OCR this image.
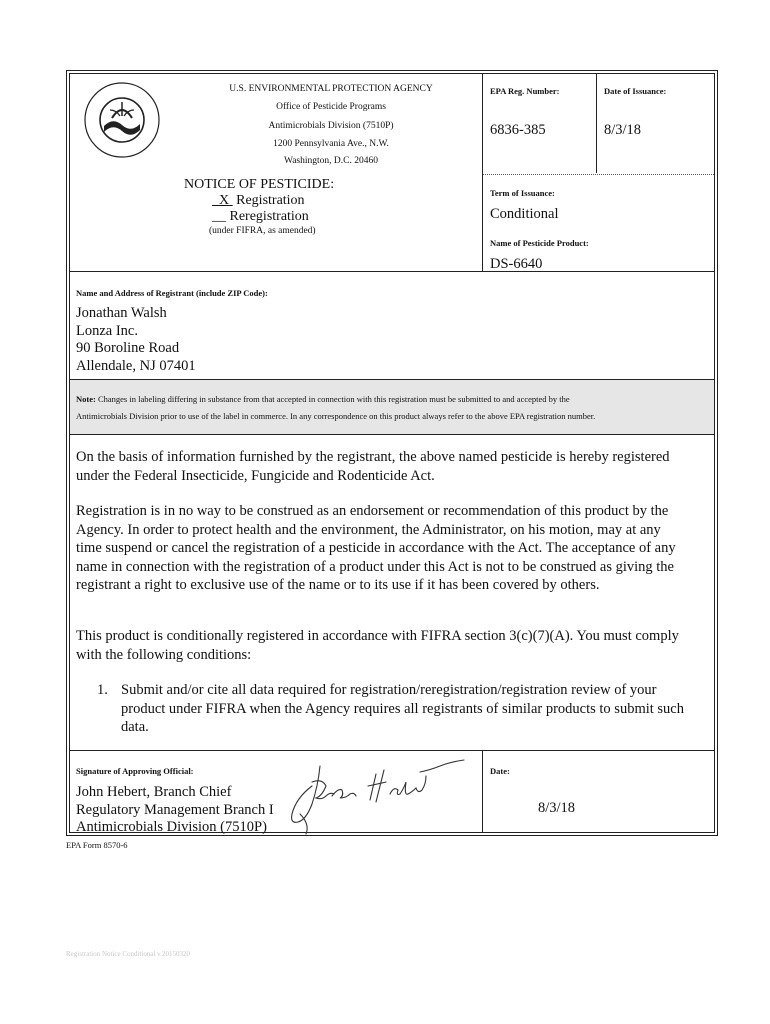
U.S. ENVIRONMENTAL PROTECTION AGENCY
Office of Pesticide Programs
Antimicrobials Division (7510P)
1200 Pennsylvania Ave., N.W.
Washington, D.C. 20460
NOTICE OF PESTICIDE:
X Registration
__ Reregistration
(under FIFRA, as amended)
EPA Reg. Number:
6836-385
Date of Issuance:
8/3/18
Term of Issuance:
Conditional
Name of Pesticide Product:
DS-6640
Name and Address of Registrant (include ZIP Code):
Jonathan Walsh
Lonza Inc.
90 Boroline Road
Allendale, NJ 07401
Note: Changes in labeling differing in substance from that accepted in connection with this registration must be submitted to and accepted by the
Antimicrobials Division prior to use of the label in commerce. In any correspondence on this product always refer to the above EPA registration number.
On the basis of information furnished by the registrant, the above named pesticide is hereby registered
under the Federal Insecticide, Fungicide and Rodenticide Act.
Registration is in no way to be construed as an endorsement or recommendation of this product by the
Agency. In order to protect health and the environment, the Administrator, on his motion, may at any
time suspend or cancel the registration of a pesticide in accordance with the Act. The acceptance of any
name in connection with the registration of a product under this Act is not to be construed as giving the
registrant a right to exclusive use of the name or to its use if it has been covered by others.
This product is conditionally registered in accordance with FIFRA section 3(c)(7)(A). You must comply
with the following conditions:
1. Submit and/or cite all data required for registration/reregistration/registration review of your
product under FIFRA when the Agency requires all registrants of similar products to submit such
data.
Signature of Approving Official:
John Hebert, Branch Chief
Regulatory Management Branch I
Antimicrobials Division (7510P)
Date:
8/3/18
EPA Form 8570-6
Registration Notice Conditional v.20150320
